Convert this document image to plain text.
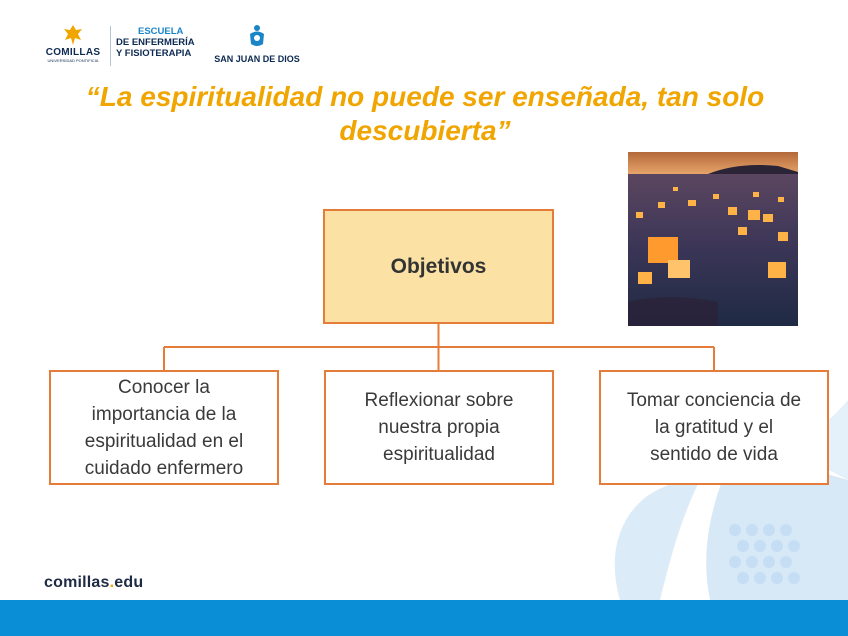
COMILLAS
UNIVERSIDAD PONTIFICIA
ESCUELA
DE ENFERMERÍA
Y FISIOTERAPIA	SAN JUAN DE DIOS
“La espiritualidad no puede ser enseñada, tan solo
descubierta”
Objetivos
Conocer la
importancia de la
espiritualidad en el
cuidado enfermero
Reflexionar sobre
nuestra propia
espiritualidad
Tomar conciencia de
la gratitud y el
sentido de vida
comillas.edu
